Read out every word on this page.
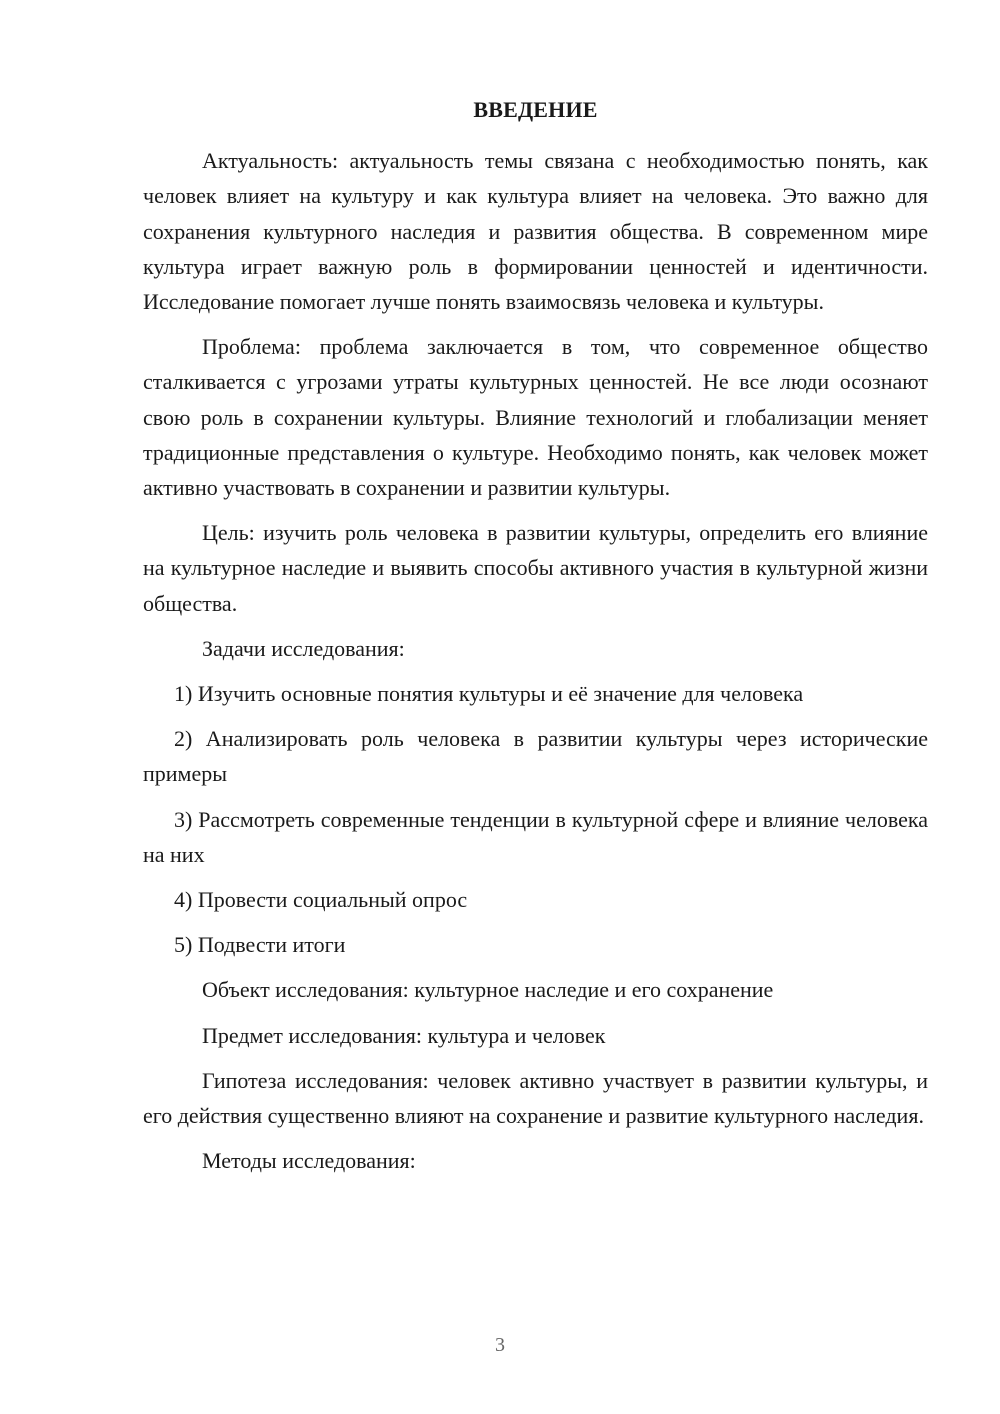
ВВЕДЕНИЕ

Актуальность: актуальность темы связана с необходимостью понять, как человек влияет на культуру и как культура влияет на человека. Это важно для сохранения культурного наследия и развития общества. В современном мире культура играет важную роль в формировании ценностей и идентичности. Исследование помогает лучше понять взаимосвязь человека и культуры.

Проблема: проблема заключается в том, что современное общество сталкивается с угрозами утраты культурных ценностей. Не все люди осознают свою роль в сохранении культуры. Влияние технологий и глобализации меняет традиционные представления о культуре. Необходимо понять, как человек может активно участвовать в сохранении и развитии культуры.

Цель: изучить роль человека в развитии культуры, определить его влияние на культурное наследие и выявить способы активного участия в культурной жизни общества.

Задачи исследования:

1) Изучить основные понятия культуры и её значение для человека

2) Анализировать роль человека в развитии культуры через исторические примеры

3) Рассмотреть современные тенденции в культурной сфере и влияние человека на них

4) Провести социальный опрос

5) Подвести итоги

Объект исследования: культурное наследие и его сохранение

Предмет исследования: культура и человек

Гипотеза исследования: человек активно участвует в развитии культуры, и его действия существенно влияют на сохранение и развитие культурного наследия.

Методы исследования:

3
